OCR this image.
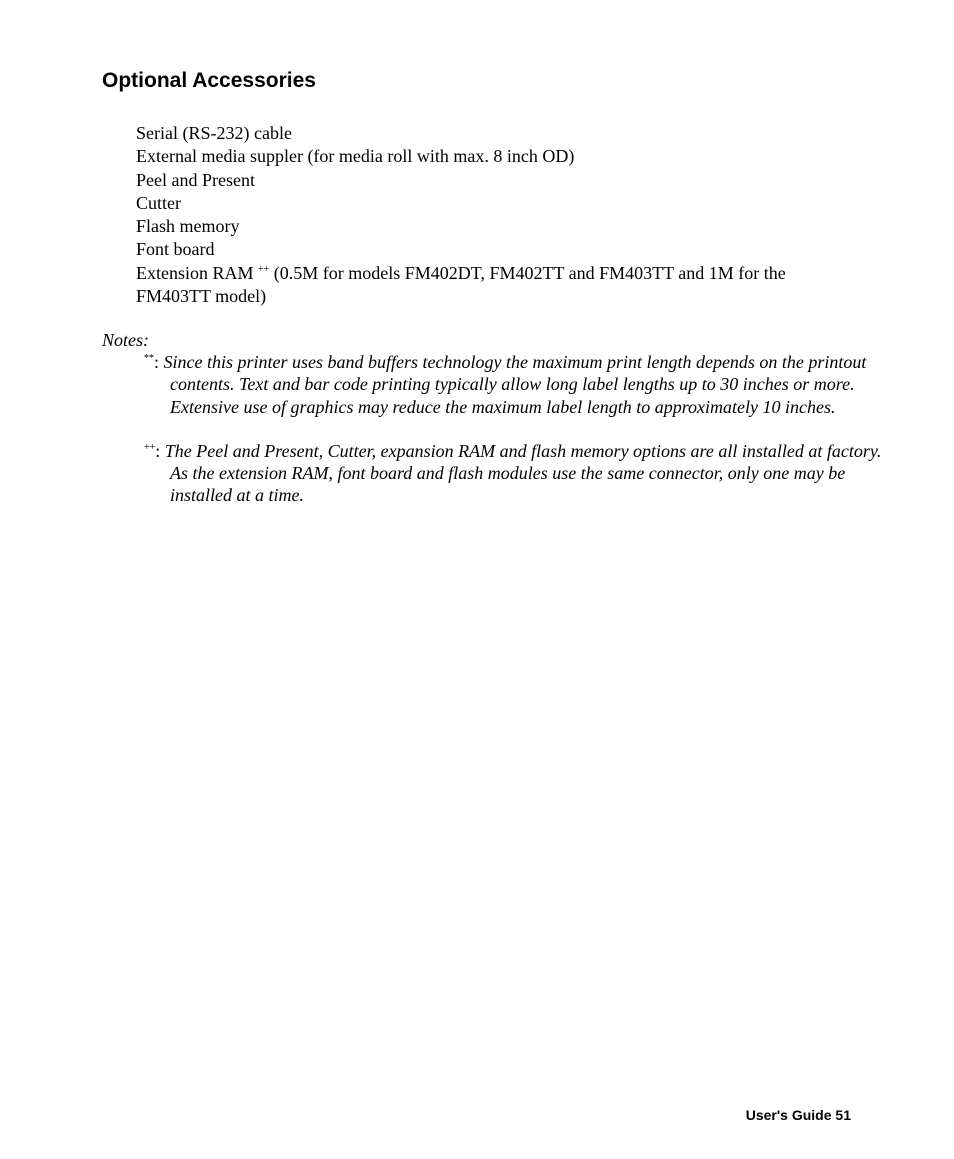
Optional Accessories
Serial (RS-232) cable
External media suppler (for media roll with max. 8 inch OD)
Peel and Present
Cutter
Flash memory
Font board
Extension RAM ++ (0.5M for models FM402DT, FM402TT and FM403TT and 1M for the FM403TT model)

Notes:

**: Since this printer uses band buffers technology the maximum print length depends on the printout contents. Text and bar code printing typically allow long label lengths up to 30 inches or more. Extensive use of graphics may reduce the maximum label length to approximately 10 inches.

++: The Peel and Present, Cutter, expansion RAM and flash memory options are all installed at factory. As the extension RAM, font board and flash modules use the same connector, only one may be installed at a time.

User's Guide 51
